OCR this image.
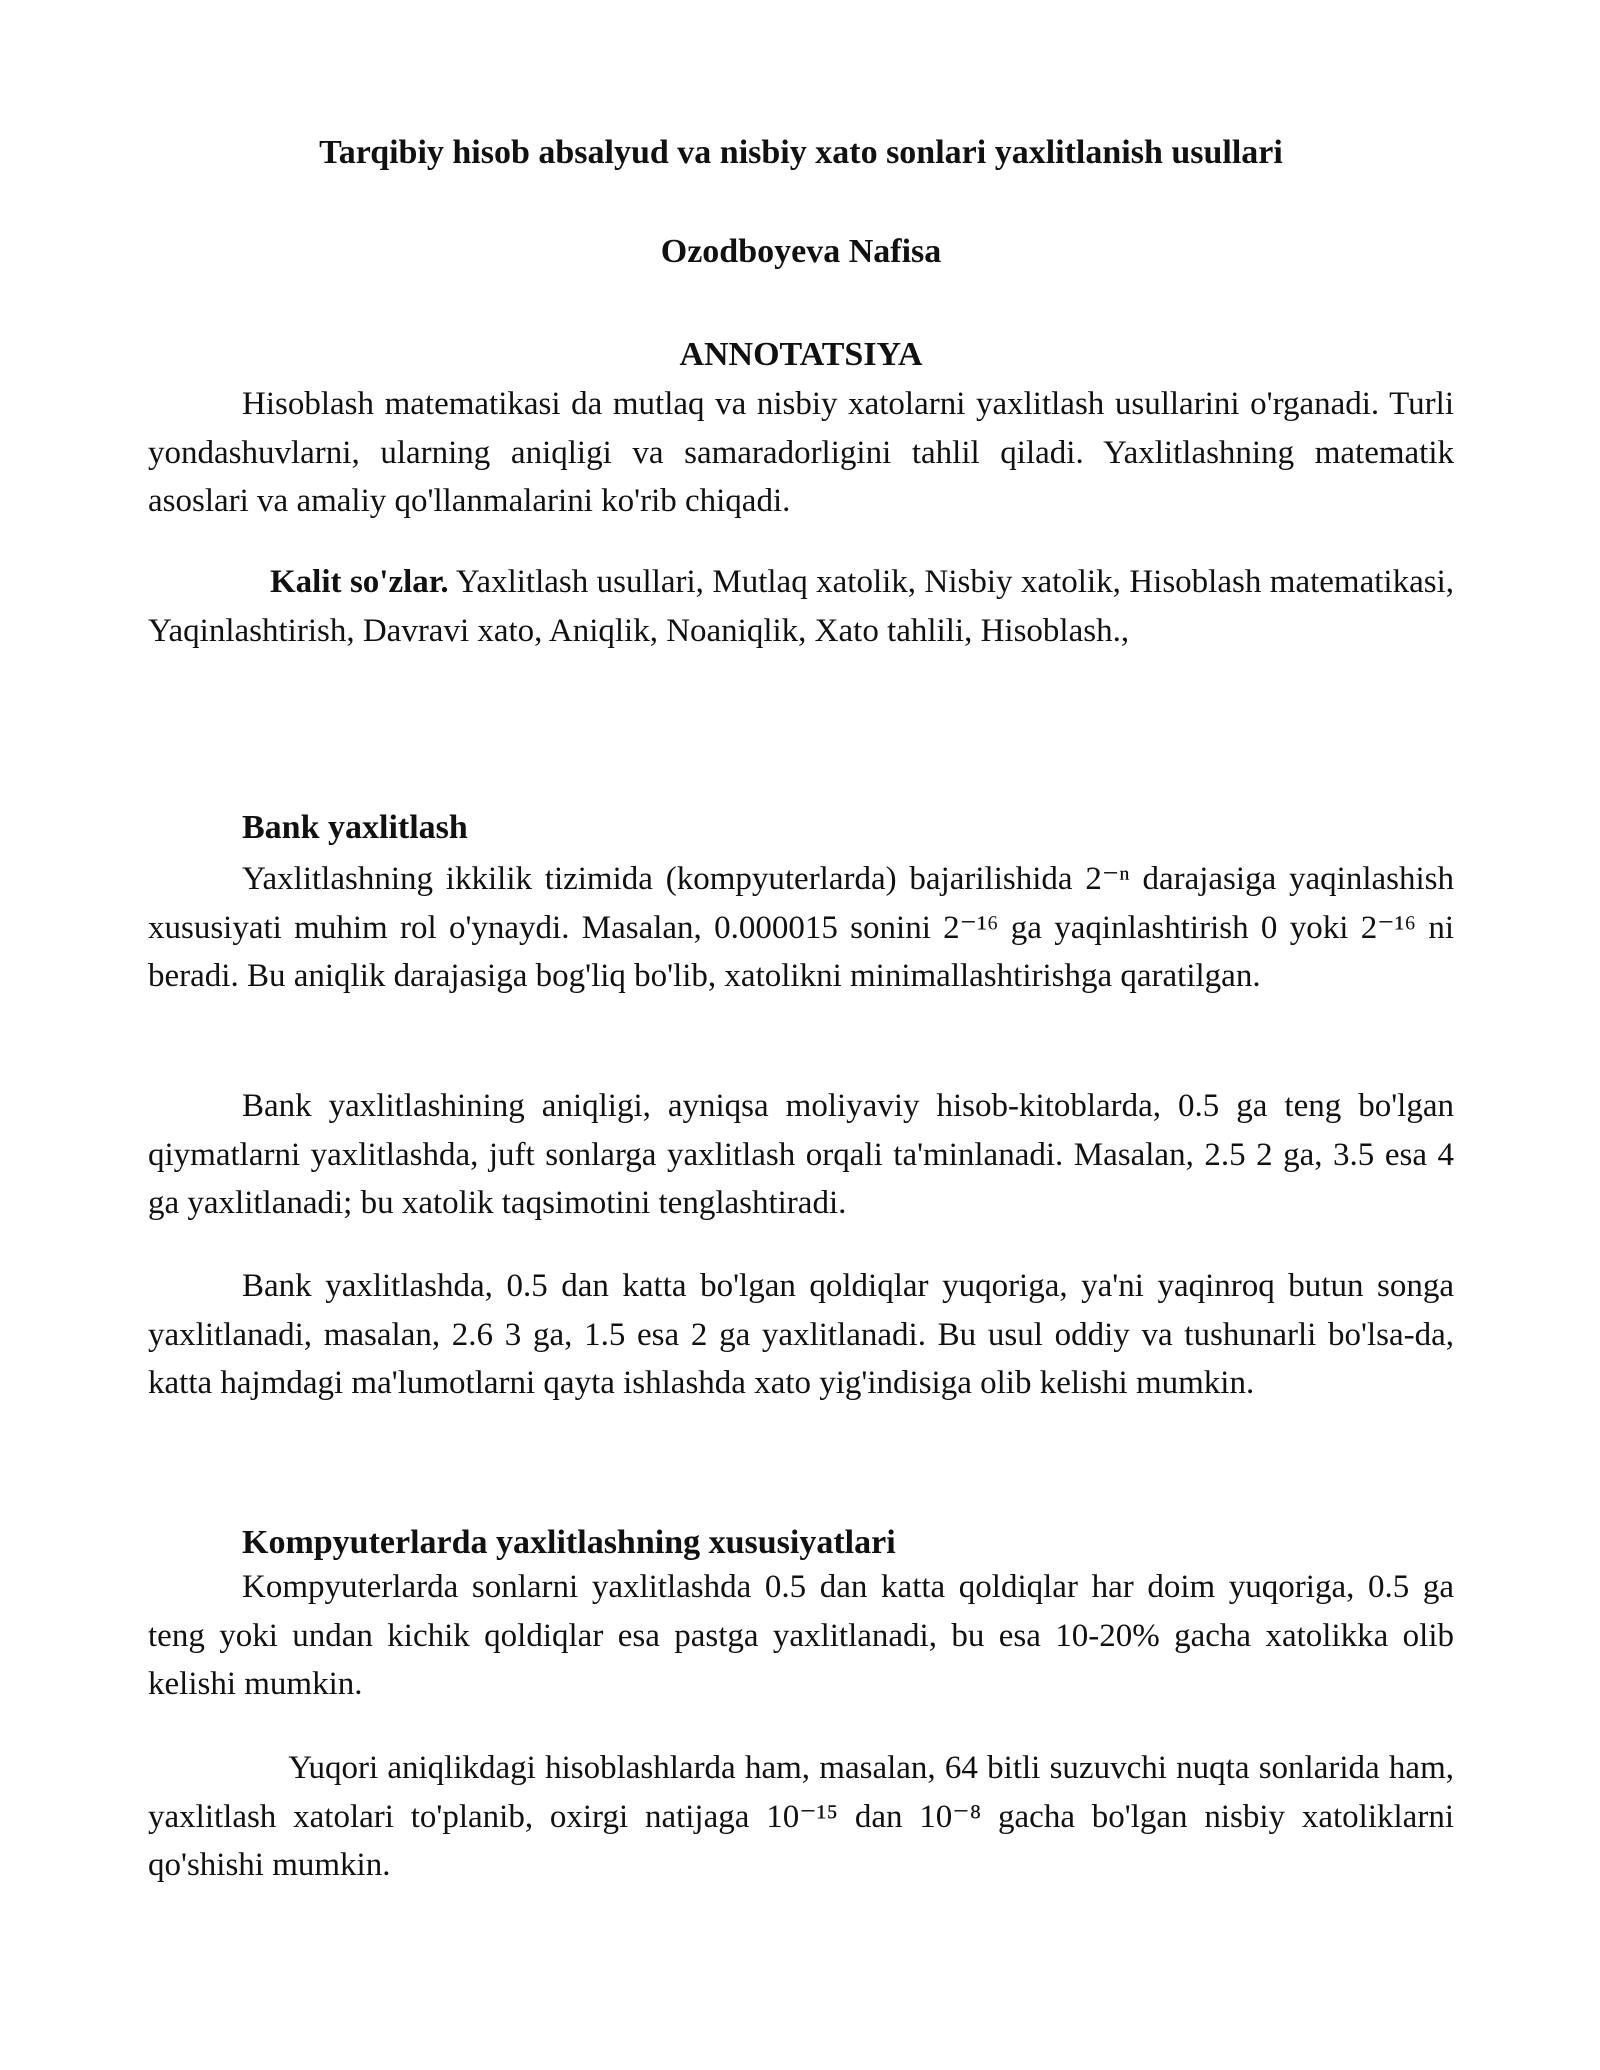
Tarqibiy hisob absalyud va nisbiy xato sonlari yaxlitlanish usullari
Ozodboyeva Nafisa
ANNOTATSIYA

Hisoblash matematikasi da mutlaq va nisbiy xatolarni yaxlitlash usullarini o'rganadi. Turli yondashuvlarni, ularning aniqligi va samaradorligini tahlil qiladi. Yaxlitlashning matematik asoslari va amaliy qo'llanmalarini ko'rib chiqadi.

Kalit so'zlar. Yaxlitlash usullari, Mutlaq xatolik, Nisbiy xatolik, Hisoblash matematikasi, Yaqinlashtirish, Davravi xato, Aniqlik, Noaniqlik, Xato tahlili, Hisoblash.,

Bank yaxlitlash

Yaxlitlashning ikkilik tizimida (kompyuterlarda) bajarilishida 2⁻ⁿ darajasiga yaqinlashish xususiyati muhim rol o'ynaydi. Masalan, 0.000015 sonini 2⁻¹⁶ ga yaqinlashtirish 0 yoki 2⁻¹⁶ ni beradi. Bu aniqlik darajasiga bog'liq bo'lib, xatolikni minimallashtirishga qaratilgan.

Bank yaxlitlashining aniqligi, ayniqsa moliyaviy hisob-kitoblarda, 0.5 ga teng bo'lgan qiymatlarni yaxlitlashda, juft sonlarga yaxlitlash orqali ta'minlanadi. Masalan, 2.5 2 ga, 3.5 esa 4 ga yaxlitlanadi; bu xatolik taqsimotini tenglashtiradi.

Bank yaxlitlashda, 0.5 dan katta bo'lgan qoldiqlar yuqoriga, ya'ni yaqinroq butun songa yaxlitlanadi, masalan, 2.6 3 ga, 1.5 esa 2 ga yaxlitlanadi. Bu usul oddiy va tushunarli bo'lsa-da, katta hajmdagi ma'lumotlarni qayta ishlashda xato yig'indisiga olib kelishi mumkin.

Kompyuterlarda yaxlitlashning xususiyatlari

Kompyuterlarda sonlarni yaxlitlashda 0.5 dan katta qoldiqlar har doim yuqoriga, 0.5 ga teng yoki undan kichik qoldiqlar esa pastga yaxlitlanadi, bu esa 10-20% gacha xatolikka olib kelishi mumkin.

Yuqori aniqlikdagi hisoblashlarda ham, masalan, 64 bitli suzuvchi nuqta sonlarida ham, yaxlitlash xatolari to'planib, oxirgi natijaga 10⁻¹⁵ dan 10⁻⁸ gacha bo'lgan nisbiy xatoliklarni qo'shishi mumkin.
